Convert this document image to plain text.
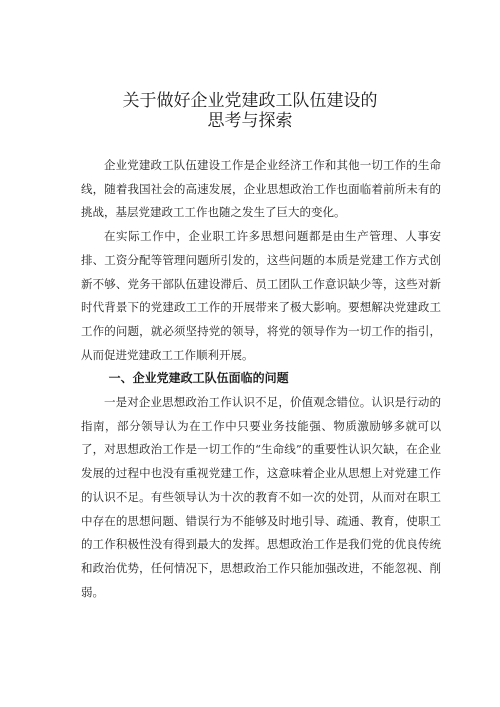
关于做好企业党建政工队伍建设的
思考与探索

企业党建政工队伍建设工作是企业经济工作和其他一切工作的生命线，随着我国社会的高速发展，企业思想政治工作也面临着前所未有的挑战，基层党建政工工作也随之发生了巨大的变化。

在实际工作中，企业职工许多思想问题都是由生产管理、人事安排、工资分配等管理问题所引发的，这些问题的本质是党建工作方式创新不够、党务干部队伍建设滞后、员工团队工作意识缺少等，这些对新时代背景下的党建政工工作的开展带来了极大影响。要想解决党建政工工作的问题，就必须坚持党的领导，将党的领导作为一切工作的指引，从而促进党建政工工作顺利开展。

一、企业党建政工队伍面临的问题

一是对企业思想政治工作认识不足，价值观念错位。认识是行动的指南，部分领导认为在工作中只要业务技能强、物质激励够多就可以了，对思想政治工作是一切工作的“生命线”的重要性认识欠缺，在企业发展的过程中也没有重视党建工作，这意味着企业从思想上对党建工作的认识不足。有些领导认为十次的教育不如一次的处罚，从而对在职工中存在的思想问题、错误行为不能够及时地引导、疏通、教育，使职工的工作积极性没有得到最大的发挥。思想政治工作是我们党的优良传统和政治优势，任何情况下，思想政治工作只能加强改进，不能忽视、削弱。
